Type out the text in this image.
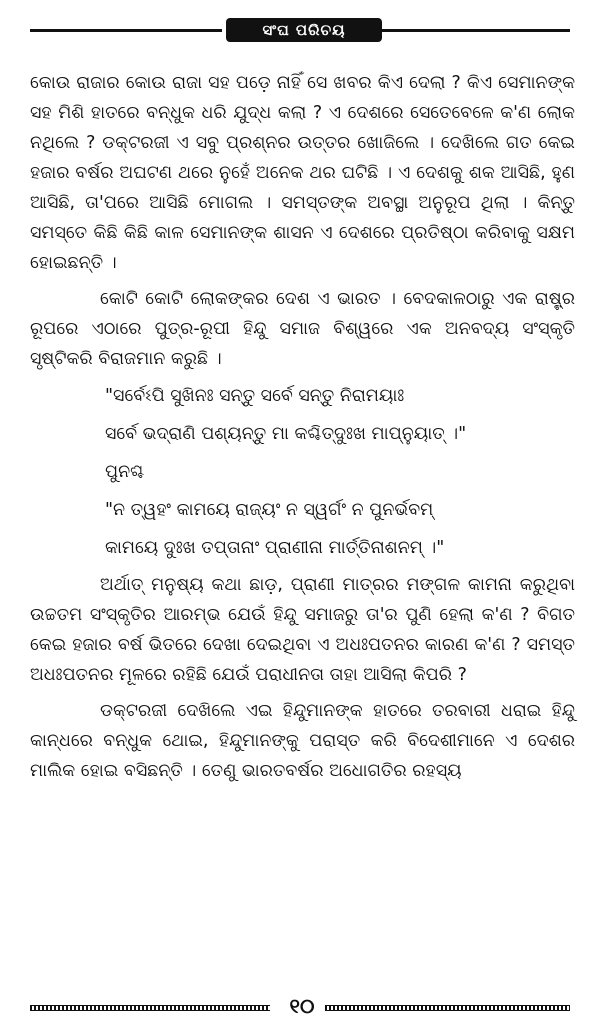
ସଂଘ ପରିଚୟ

କୋଉ ରାଜାର କୋଉ ରାଜା ସହ ପଡ଼େ ନାହିଁ ସେ ଖବର କିଏ ଦେଲା ? କିଏ ସେମାନଙ୍କ ସହ ମିଶି ହାତରେ ବନ୍ଧୁକ ଧରି ଯୁଦ୍ଧ କଲା ? ଏ ଦେଶରେ ସେତେବେଳେ କ'ଣ ଲୋକ ନଥିଲେ ? ଡକ୍ଟରଜୀ ଏ ସବୁ ପ୍ରଶ୍ନର ଉତ୍ତର ଖୋଜିଲେ । ଦେଖିଲେ ଗତ କେଇ ହଜାର ବର୍ଷର ଅଘଟଣ ଥରେ ନୁହେଁ ଅନେକ ଥର ଘଟିଛି । ଏ ଦେଶକୁ ଶକ ଆସିଛି, ହୁଣ ଆସିଛି, ତା'ପରେ ଆସିଛି ମୋଗଲ । ସମସ୍ତଙ୍କ ଅବସ୍ଥା ଅନୁରୂପ ଥିଲା । କିନ୍ତୁ ସମସ୍ତେ କିଛି କିଛି କାଳ ସେମାନଙ୍କ ଶାସନ ଏ ଦେଶରେ ପ୍ରତିଷ୍ଠା କରିବାକୁ ସକ୍ଷମ ହୋଇଛନ୍ତି ।

କୋଟି କୋଟି ଲୋକଙ୍କର ଦେଶ ଏ ଭାରତ । ବେଦକାଳଠାରୁ ଏକ ରାଷ୍ଟ୍ର ରୂପରେ ଏଠାରେ ପୁତ୍ର-ରୂପୀ ହିନ୍ଦୁ ସମାଜ ବିଶ୍ୱରେ ଏକ ଅନବଦ୍ୟ ସଂସ୍କୃତି ସୃଷ୍ଟିକରି ବିରାଜମାନ କରୁଛି ।

"ସର୍ବେଽପି ସୁଖିନଃ ସନ୍ତୁ ସର୍ବେ ସନ୍ତୁ ନିରାମୟାଃ

ସର୍ବେ ଭଦ୍ରାଣି ପଶ୍ୟନ୍ତୁ ମା କଶ୍ଚିତ୍‌ଦୁଃଖ ମାପ୍ନୁୟାତ୍ ।"

ପୁନଶ୍ଚ

"ନ ତ୍ୱହଂ କାମୟେ ରାଜ୍ୟଂ ନ ସ୍ୱର୍ଗଂ ନ ପୁନର୍ଭବମ୍

କାମୟେ ଦୁଃଖ ତପ୍ତାନାଂ ପ୍ରାଣୀନା ମାର୍ତ୍ତିନାଶନମ୍ ।"

ଅର୍ଥାତ୍ ମନୁଷ୍ୟ କଥା ଛାଡ଼, ପ୍ରାଣୀ ମାତ୍ରର ମଙ୍ଗଳ କାମନା କରୁଥିବା ଉଚ୍ଚତମ ସଂସ୍କୃତିର ଆରମ୍ଭ ଯେଉଁ ହିନ୍ଦୁ ସମାଜରୁ ତା'ର ପୁଣି ହେଲା କ'ଣ ? ବିଗତ କେଇ ହଜାର ବର୍ଷ ଭିତରେ ଦେଖା ଦେଇଥିବା ଏ ଅଧଃପତନର କାରଣ କ'ଣ ? ସମସ୍ତ ଅଧଃପତନର ମୂଳରେ ରହିଛି ଯେଉଁ ପରାଧୀନତା ତାହା ଆସିଲା କିପରି ?

ଡକ୍ଟରଜୀ ଦେଖିଲେ ଏଇ ହିନ୍ଦୁମାନଙ୍କ ହାତରେ ତରବାରୀ ଧରାଇ ହିନ୍ଦୁ କାନ୍ଧରେ ବନ୍ଧୁକ ଥୋଇ, ହିନ୍ଦୁମାନଙ୍କୁ ପରାସ୍ତ କରି ବିଦେଶୀମାନେ ଏ ଦେଶର ମାଲିକ ହୋଇ ବସିଛନ୍ତି । ତେଣୁ ଭାରତବର୍ଷର ଅଧୋଗତିର ରହସ୍ୟ

୧୦
